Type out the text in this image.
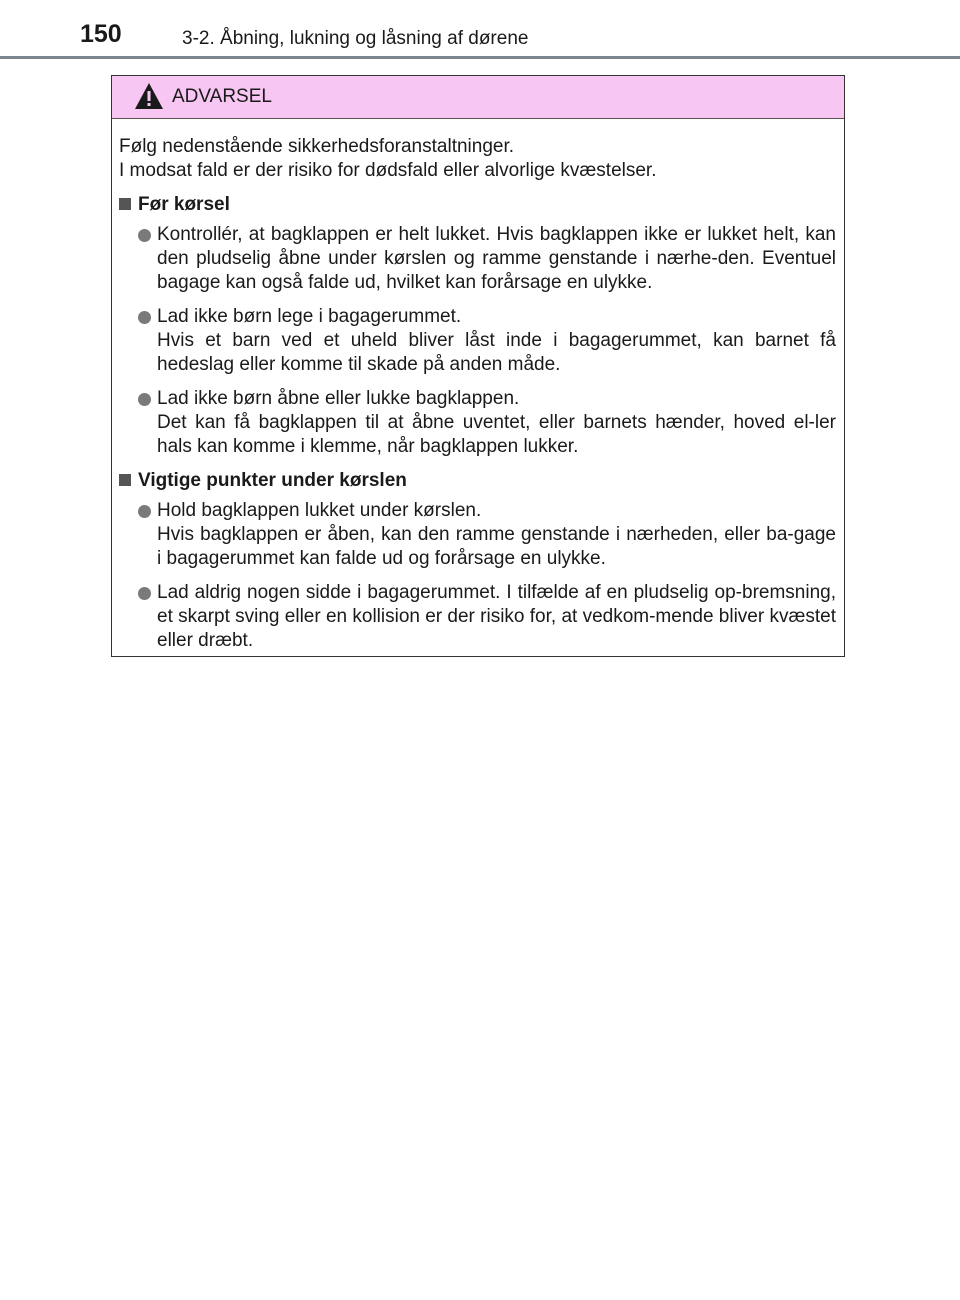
150	3-2. Åbning, lukning og låsning af dørene
ADVARSEL
Følg nedenstående sikkerhedsforanstaltninger.
I modsat fald er der risiko for dødsfald eller alvorlige kvæstelser.
Før kørsel
Kontrollér, at bagklappen er helt lukket. Hvis bagklappen ikke er lukket helt, kan den pludselig åbne under kørslen og ramme genstande i nærhe-den. Eventuel bagage kan også falde ud, hvilket kan forårsage en ulykke.
Lad ikke børn lege i bagagerummet.
Hvis et barn ved et uheld bliver låst inde i bagagerummet, kan barnet få hedeslag eller komme til skade på anden måde.
Lad ikke børn åbne eller lukke bagklappen.
Det kan få bagklappen til at åbne uventet, eller barnets hænder, hoved el-ler hals kan komme i klemme, når bagklappen lukker.
Vigtige punkter under kørslen
Hold bagklappen lukket under kørslen.
Hvis bagklappen er åben, kan den ramme genstande i nærheden, eller ba-gage i bagagerummet kan falde ud og forårsage en ulykke.
Lad aldrig nogen sidde i bagagerummet. I tilfælde af en pludselig op-bremsning, et skarpt sving eller en kollision er der risiko for, at vedkom-mende bliver kvæstet eller dræbt.
